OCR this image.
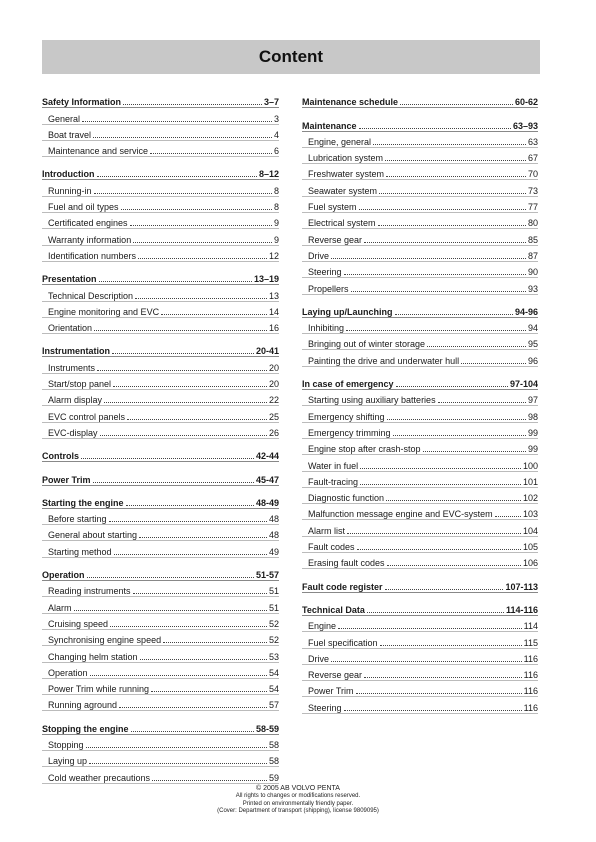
Content
Safety Information	3–7
General	3
Boat travel	4
Maintenance and service	6
Introduction	8–12
Running-in	8
Fuel and oil types	8
Certificated engines	9
Warranty information	9
Identification numbers	12
Presentation	13–19
Technical Description	13
Engine monitoring and EVC	14
Orientation	16
Instrumentation	20-41
Instruments	20
Start/stop panel	20
Alarm display	22
EVC control panels	25
EVC-display	26
Controls	42-44
Power Trim	45-47
Starting the engine	48-49
Before starting	48
General about starting	48
Starting method	49
Operation	51-57
Reading instruments	51
Alarm	51
Cruising speed	52
Synchronising engine speed	52
Changing helm station	53
Operation	54
Power Trim while running	54
Running aground	57
Stopping the engine	58-59
Stopping	58
Laying up	58
Cold weather precautions	59
Maintenance schedule	60-62
Maintenance	63–93
Engine, general	63
Lubrication system	67
Freshwater system	70
Seawater system	73
Fuel system	77
Electrical system	80
Reverse gear	85
Drive	87
Steering	90
Propellers	93
Laying up/Launching	94-96
Inhibiting	94
Bringing out of winter storage	95
Painting the drive and underwater hull	96
In case of emergency	97-104
Starting using auxiliary batteries	97
Emergency shifting	98
Emergency trimming	99
Engine stop after crash-stop	99
Water in fuel	100
Fault-tracing	101
Diagnostic function	102
Malfunction message engine and EVC-system	103
Alarm list	104
Fault codes	105
Erasing fault codes	106
Fault code register	107-113
Technical Data	114-116
Engine	114
Fuel specification	115
Drive	116
Reverse gear	116
Power Trim	116
Steering	116
© 2005 AB VOLVO PENTA
All rights to changes or modifications reserved.
Printed on environmentally friendly paper.
(Cover: Department of transport (shipping), license 9809095)
